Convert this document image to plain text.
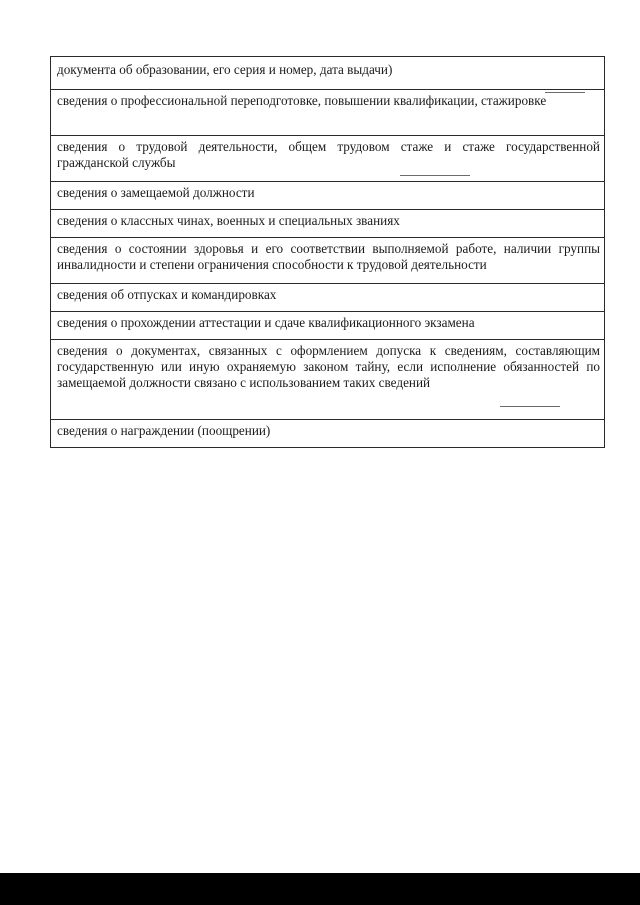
документа об образовании, его серия и номер, дата выдачи)
сведения о профессиональной переподготовке, повышении квалификации, стажировке
сведения о трудовой деятельности, общем трудовом стаже и стаже государственной гражданской службы
сведения о замещаемой должности
сведения о классных чинах, военных и специальных званиях
сведения о состоянии здоровья и его соответствии выполняемой работе, наличии группы инвалидности и степени ограничения способности к трудовой деятельности
сведения об отпусках и командировках
сведения о прохождении аттестации и сдаче квалификационного экзамена
сведения о документах, связанных с оформлением допуска к сведениям, составляющим государственную или иную охраняемую законом тайну, если исполнение обязанностей по замещаемой должности связано с использованием таких сведений
сведения о награждении (поощрении)
